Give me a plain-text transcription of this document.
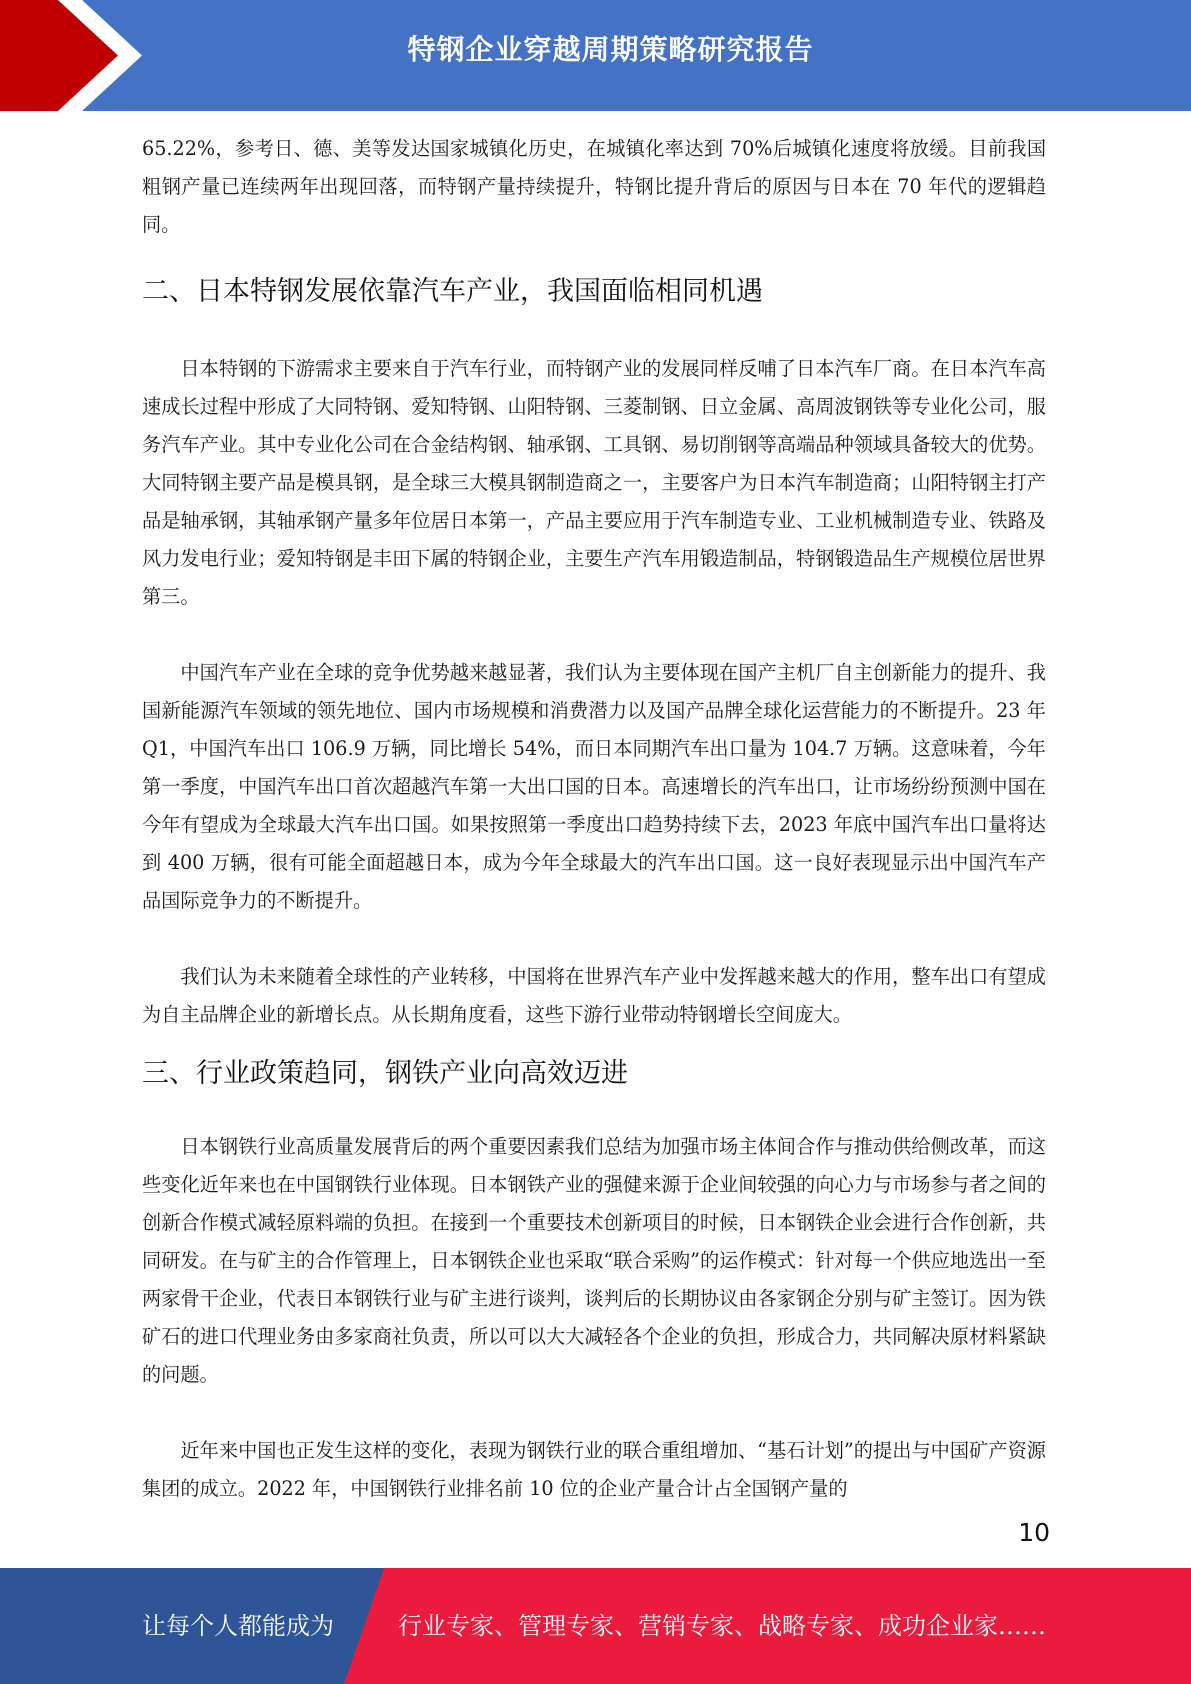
特钢企业穿越周期策略研究报告

65.22%，参考日、德、美等发达国家城镇化历史，在城镇化率达到 70%后城镇化速度将放缓。目前我国粗钢产量已连续两年出现回落，而特钢产量持续提升，特钢比提升背后的原因与日本在 70 年代的逻辑趋同。

二、日本特钢发展依靠汽车产业，我国面临相同机遇

日本特钢的下游需求主要来自于汽车行业，而特钢产业的发展同样反哺了日本汽车厂商。在日本汽车高速成长过程中形成了大同特钢、爱知特钢、山阳特钢、三菱制钢、日立金属、高周波钢铁等专业化公司，服务汽车产业。其中专业化公司在合金结构钢、轴承钢、工具钢、易切削钢等高端品种领域具备较大的优势。大同特钢主要产品是模具钢，是全球三大模具钢制造商之一，主要客户为日本汽车制造商；山阳特钢主打产品是轴承钢，其轴承钢产量多年位居日本第一，产品主要应用于汽车制造专业、工业机械制造专业、铁路及风力发电行业；爱知特钢是丰田下属的特钢企业，主要生产汽车用锻造制品，特钢锻造品生产规模位居世界第三。

中国汽车产业在全球的竞争优势越来越显著，我们认为主要体现在国产主机厂自主创新能力的提升、我国新能源汽车领域的领先地位、国内市场规模和消费潜力以及国产品牌全球化运营能力的不断提升。23 年 Q1，中国汽车出口 106.9 万辆，同比增长 54%，而日本同期汽车出口量为 104.7 万辆。这意味着，今年第一季度，中国汽车出口首次超越汽车第一大出口国的日本。高速增长的汽车出口，让市场纷纷预测中国在今年有望成为全球最大汽车出口国。如果按照第一季度出口趋势持续下去，2023 年底中国汽车出口量将达到 400 万辆，很有可能全面超越日本，成为今年全球最大的汽车出口国。这一良好表现显示出中国汽车产品国际竞争力的不断提升。

我们认为未来随着全球性的产业转移，中国将在世界汽车产业中发挥越来越大的作用，整车出口有望成为自主品牌企业的新增长点。从长期角度看，这些下游行业带动特钢增长空间庞大。

三、行业政策趋同，钢铁产业向高效迈进

日本钢铁行业高质量发展背后的两个重要因素我们总结为加强市场主体间合作与推动供给侧改革，而这些变化近年来也在中国钢铁行业体现。日本钢铁产业的强健来源于企业间较强的向心力与市场参与者之间的创新合作模式减轻原料端的负担。在接到一个重要技术创新项目的时候，日本钢铁企业会进行合作创新，共同研发。在与矿主的合作管理上，日本钢铁企业也采取“联合采购”的运作模式：针对每一个供应地选出一至两家骨干企业，代表日本钢铁行业与矿主进行谈判，谈判后的长期协议由各家钢企分别与矿主签订。因为铁矿石的进口代理业务由多家商社负责，所以可以大大减轻各个企业的负担，形成合力，共同解决原材料紧缺的问题。

近年来中国也正发生这样的变化，表现为钢铁行业的联合重组增加、“基石计划”的提出与中国矿产资源集团的成立。2022 年，中国钢铁行业排名前 10 位的企业产量合计占全国钢产量的

10
让每个人都能成为	行业专家、管理专家、营销专家、战略专家、成功企业家……
